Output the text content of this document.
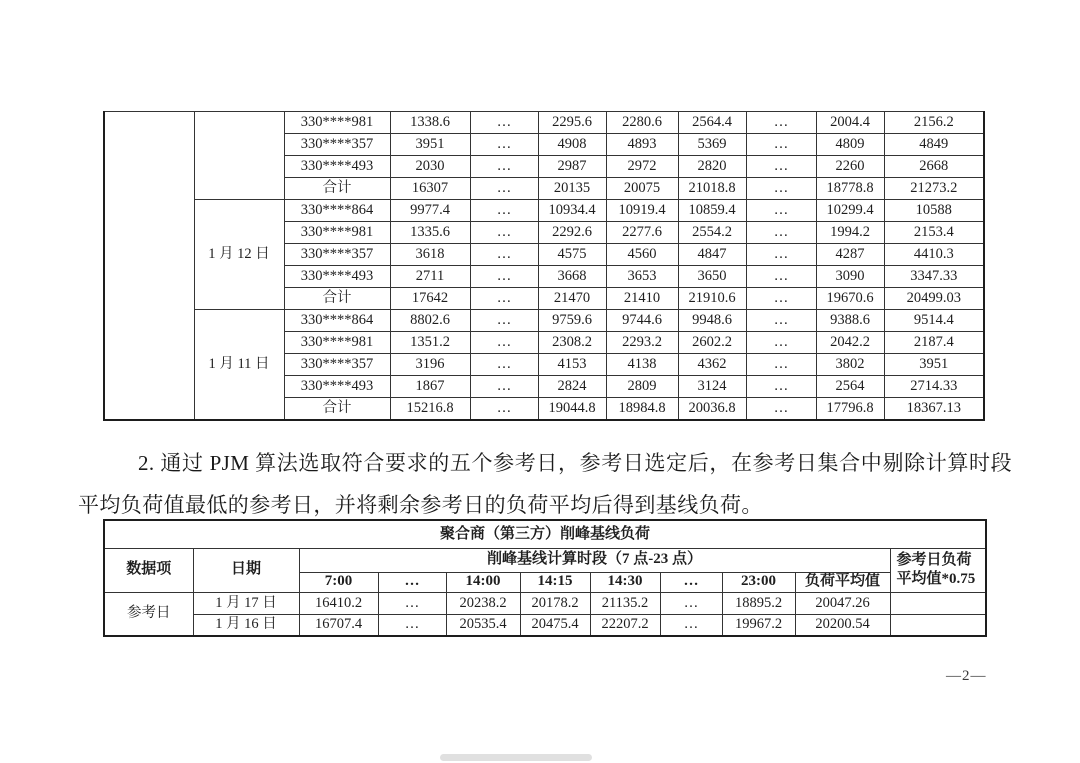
		330****981	1338.6	…	2295.6	2280.6	2564.4	…	2004.4	2156.2
		330****357	3951	…	4908	4893	5369	…	4809	4849
		330****493	2030	…	2987	2972	2820	…	2260	2668
		合计	16307	…	20135	20075	21018.8	…	18778.8	21273.2
	1 月 12 日	330****864	9977.4	…	10934.4	10919.4	10859.4	…	10299.4	10588
		330****981	1335.6	…	2292.6	2277.6	2554.2	…	1994.2	2153.4
		330****357	3618	…	4575	4560	4847	…	4287	4410.3
		330****493	2711	…	3668	3653	3650	…	3090	3347.33
		合计	17642	…	21470	21410	21910.6	…	19670.6	20499.03
	1 月 11 日	330****864	8802.6	…	9759.6	9744.6	9948.6	…	9388.6	9514.4
		330****981	1351.2	…	2308.2	2293.2	2602.2	…	2042.2	2187.4
		330****357	3196	…	4153	4138	4362	…	3802	3951
		330****493	1867	…	2824	2809	3124	…	2564	2714.33
		合计	15216.8	…	19044.8	18984.8	20036.8	…	17796.8	18367.13

2. 通过 PJM 算法选取符合要求的五个参考日，参考日选定后，在参考日集合中剔除计算时段平均负荷值最低的参考日，并将剩余参考日的负荷平均后得到基线负荷。

聚合商（第三方）削峰基线负荷										
数据项	日期	削峰基线计算时段（7 点-23 点）								参考日负荷平均值*0.75
		7:00	…	14:00	14:15	14:30	…	23:00	负荷平均值	
参考日	1 月 17 日	16410.2	…	20238.2	20178.2	21135.2	…	18895.2	20047.26	
	1 月 16 日	16707.4	…	20535.4	20475.4	22207.2	…	19967.2	20200.54	
—2—
